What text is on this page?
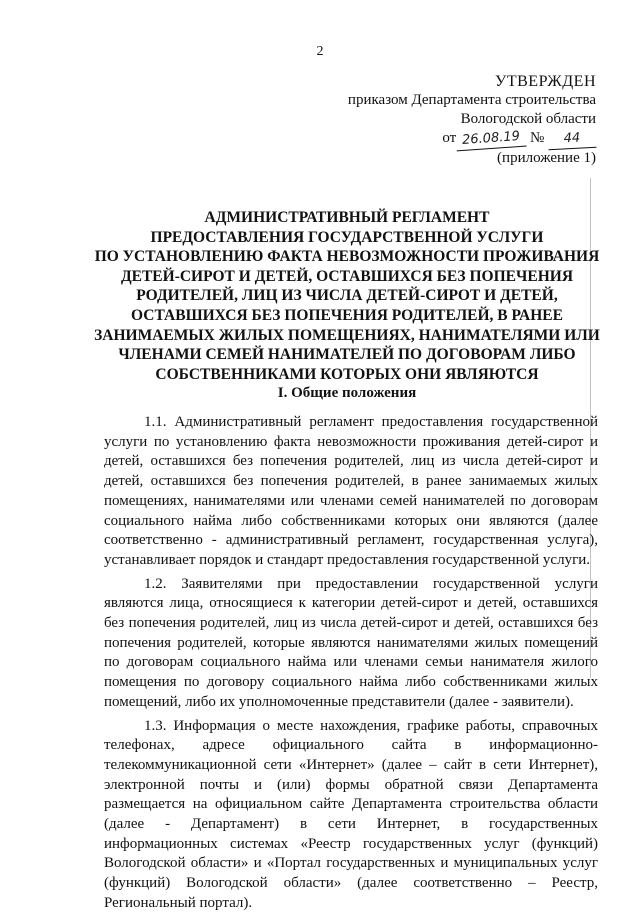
2
УТВЕРЖДЕН
приказом Департамента строительства
Вологодской области
от 26.08.19 № 44
(приложение 1)
АДМИНИСТРАТИВНЫЙ РЕГЛАМЕНТ
ПРЕДОСТАВЛЕНИЯ ГОСУДАРСТВЕННОЙ УСЛУГИ
ПО УСТАНОВЛЕНИЮ ФАКТА НЕВОЗМОЖНОСТИ ПРОЖИВАНИЯ
ДЕТЕЙ-СИРОТ И ДЕТЕЙ, ОСТАВШИХСЯ БЕЗ ПОПЕЧЕНИЯ
РОДИТЕЛЕЙ, ЛИЦ ИЗ ЧИСЛА ДЕТЕЙ-СИРОТ И ДЕТЕЙ,
ОСТАВШИХСЯ БЕЗ ПОПЕЧЕНИЯ РОДИТЕЛЕЙ, В РАНЕЕ
ЗАНИМАЕМЫХ ЖИЛЫХ ПОМЕЩЕНИЯХ, НАНИМАТЕЛЯМИ ИЛИ
ЧЛЕНАМИ СЕМЕЙ НАНИМАТЕЛЕЙ ПО ДОГОВОРАМ ЛИБО
СОБСТВЕННИКАМИ КОТОРЫХ ОНИ ЯВЛЯЮТСЯ
I. Общие положения
1.1. Административный регламент предоставления государственной
услуги по установлению факта невозможности проживания детей-сирот и
детей, оставшихся без попечения родителей, лиц из числа детей-сирот и
детей, оставшихся без попечения родителей, в ранее занимаемых жилых
помещениях, нанимателями или членами семей нанимателей по договорам
социального найма либо собственниками которых они являются (далее
соответственно - административный регламент, государственная услуга),
устанавливает порядок и стандарт предоставления государственной услуги.
1.2. Заявителями при предоставлении государственной услуги
являются лица, относящиеся к категории детей-сирот и детей, оставшихся
без попечения родителей, лиц из числа детей-сирот и детей, оставшихся без
попечения родителей, которые являются нанимателями жилых помещений
по договорам социального найма или членами семьи нанимателя жилого
помещения по договору социального найма либо собственниками жилых
помещений, либо их уполномоченные представители (далее - заявители).
1.3. Информация о месте нахождения, графике работы, справочных
телефонах, адресе официального сайта в информационно-
телекоммуникационной сети «Интернет» (далее – сайт в сети Интернет),
электронной почты и (или) формы обратной связи Департамента
размещается на официальном сайте Департамента строительства области
(далее - Департамент) в сети Интернет, в государственных
информационных системах «Реестр государственных услуг (функций)
Вологодской области» и «Портал государственных и муниципальных услуг
(функций) Вологодской области» (далее соответственно – Реестр,
Региональный портал).
